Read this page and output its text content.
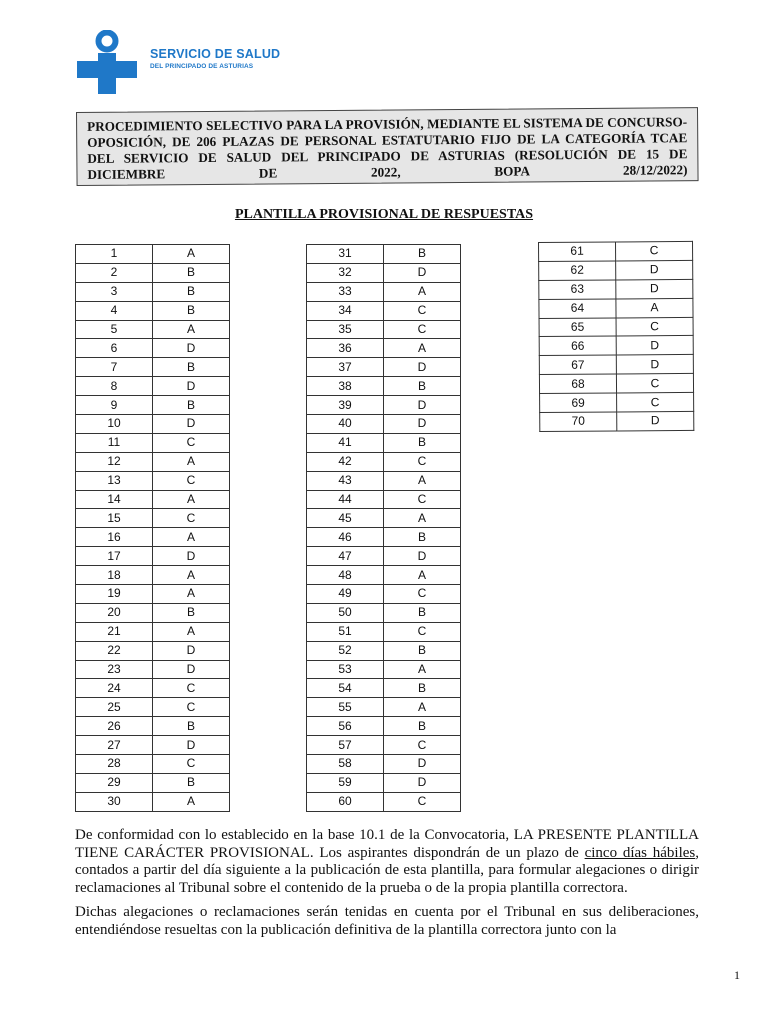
SERVICIO DE SALUD
DEL PRINCIPADO DE ASTURIAS

PROCEDIMIENTO SELECTIVO PARA LA PROVISIÓN, MEDIANTE EL SISTEMA DE CONCURSO-OPOSICIÓN, DE 206 PLAZAS DE PERSONAL ESTATUTARIO FIJO DE LA CATEGORÍA TCAE DEL SERVICIO DE SALUD DEL PRINCIPADO DE ASTURIAS (RESOLUCIÓN DE 15 DE DICIEMBRE DE 2022, BOPA 28/12/2022)

PLANTILLA PROVISIONAL DE RESPUESTAS
1	A
2	B
3	B
4	B
5	A
6	D
7	B
8	D
9	B
10	D
11	C
12	A
13	C
14	A
15	C
16	A
17	D
18	A
19	A
20	B
21	A
22	D
23	D
24	C
25	C
26	B
27	D
28	C
29	B
30	A
31	B
32	D
33	A
34	C
35	C
36	A
37	D
38	B
39	D
40	D
41	B
42	C
43	A
44	C
45	A
46	B
47	D
48	A
49	C
50	B
51	C
52	B
53	A
54	B
55	A
56	B
57	C
58	D
59	D
60	C
61	C
62	D
63	D
64	A
65	C
66	D
67	D
68	C
69	C
70	D

De conformidad con lo establecido en la base 10.1 de la Convocatoria, LA PRESENTE PLANTILLA TIENE CARÁCTER PROVISIONAL. Los aspirantes dispondrán de un plazo de cinco días hábiles, contados a partir del día siguiente a la publicación de esta plantilla, para formular alegaciones o dirigir reclamaciones al Tribunal sobre el contenido de la prueba o de la propia plantilla correctora.

Dichas alegaciones o reclamaciones serán tenidas en cuenta por el Tribunal en sus deliberaciones, entendiéndose resueltas con la publicación definitiva de la plantilla correctora junto con la

1
